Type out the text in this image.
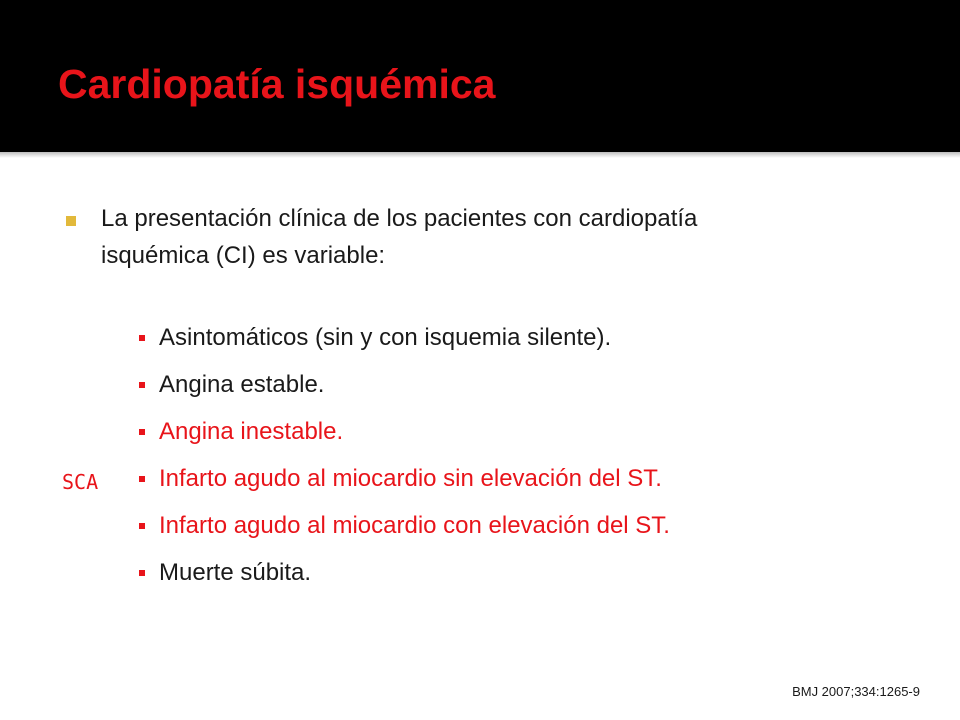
Cardiopatía isquémica

La presentación clínica de los pacientes con cardiopatía
isquémica (CI) es variable:

Asintomáticos (sin y con isquemia silente).
Angina estable.
Angina inestable.
Infarto agudo al miocardio sin elevación del ST.
Infarto agudo al miocardio con elevación del ST.
Muerte súbita.
SCA
BMJ 2007;334:1265-9
